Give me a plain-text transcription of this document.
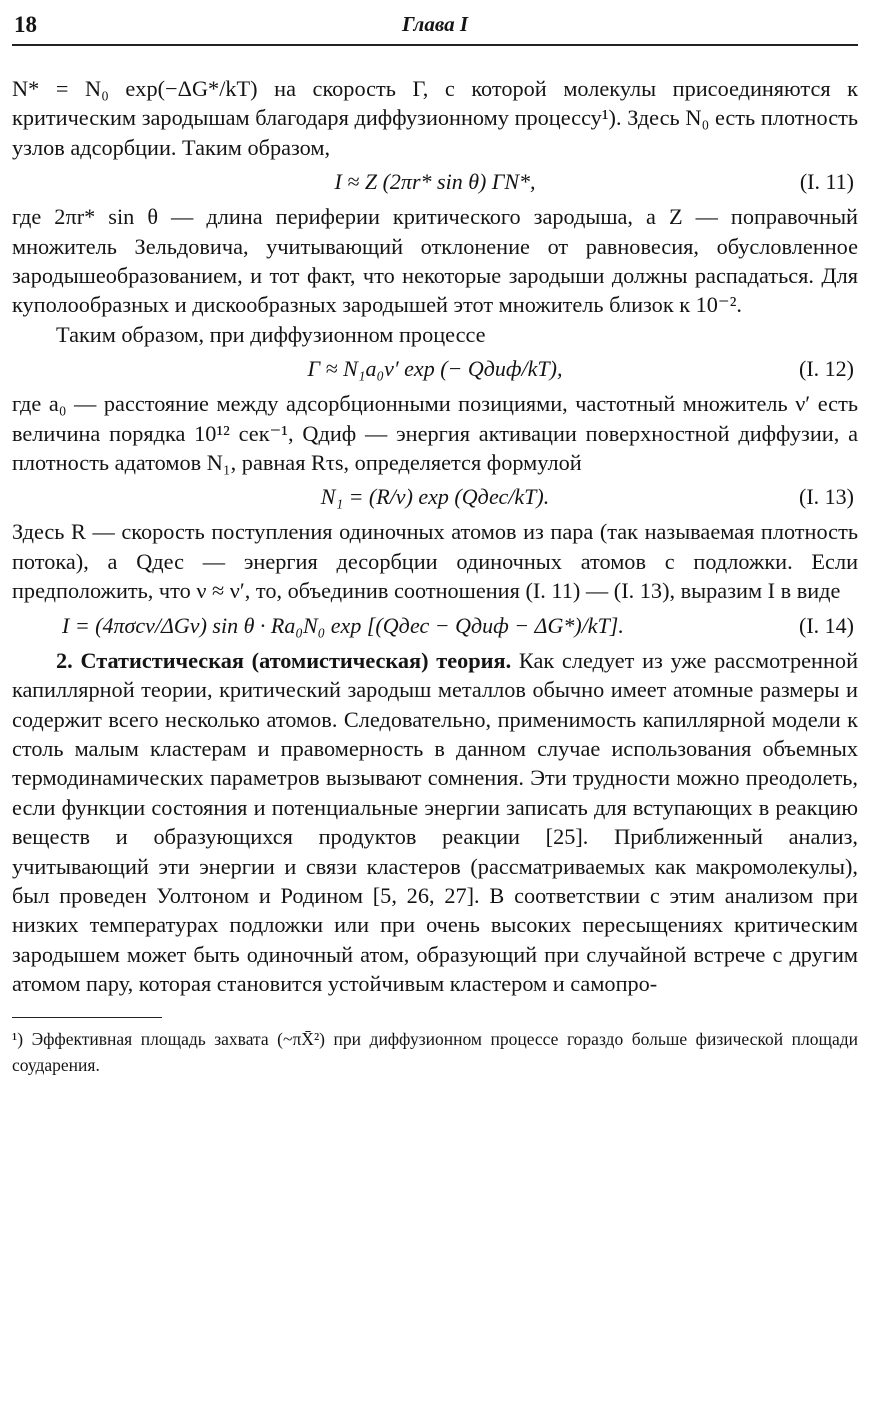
18	Глава I

N* = N₀ exp(−ΔG*/kT) на скорость Γ, с которой молекулы присоединяются к критическим зародышам благодаря диффузионному процессу¹). Здесь N₀ есть плотность узлов адсорбции. Таким образом,

I ≈ Z (2πr* sin θ) ΓN*,	(I. 11)

где 2πr* sin θ — длина периферии критического зародыша, а Z — поправочный множитель Зельдовича, учитывающий отклонение от равновесия, обусловленное зародышеобразованием, и тот факт, что некоторые зародыши должны распадаться. Для куполообразных и дискообразных зародышей этот множитель близок к 10⁻².

Таким образом, при диффузионном процессе

Γ ≈ N₁a₀ν′ exp (− Qдиф/kT),	(I. 12)

где a₀ — расстояние между адсорбционными позициями, частотный множитель ν′ есть величина порядка 10¹² сек⁻¹, Qдиф — энергия активации поверхностной диффузии, а плотность адатомов N₁, равная Rτs, определяется формулой

N₁ = (R/ν) exp (Qдес/kT).	(I. 13)

Здесь R — скорость поступления одиночных атомов из пара (так называемая плотность потока), а Qдес — энергия десорбции одиночных атомов с подложки. Если предположить, что ν ≈ ν′, то, объединив соотношения (I. 11) — (I. 13), выразим I в виде

I = (4πσcv/ΔGv) sin θ · Ra₀N₀ exp [(Qдес − Qдиф − ΔG*)/kT].	(I. 14)

2. Статистическая (атомистическая) теория. Как следует из уже рассмотренной капиллярной теории, критический зародыш металлов обычно имеет атомные размеры и содержит всего несколько атомов. Следовательно, применимость капиллярной модели к столь малым кластерам и правомерность в данном случае использования объемных термодинамических параметров вызывают сомнения. Эти трудности можно преодолеть, если функции состояния и потенциальные энергии записать для вступающих в реакцию веществ и образующихся продуктов реакции [25]. Приближенный анализ, учитывающий эти энергии и связи кластеров (рассматриваемых как макромолекулы), был проведен Уолтоном и Родином [5, 26, 27]. В соответствии с этим анализом при низких температурах подложки или при очень высоких пересыщениях критическим зародышем может быть одиночный атом, образующий при случайной встрече с другим атомом пару, которая становится устойчивым кластером и самопро-

¹) Эффективная площадь захвата (~πX̄²) при диффузионном процессе гораздо больше физической площади соударения.
